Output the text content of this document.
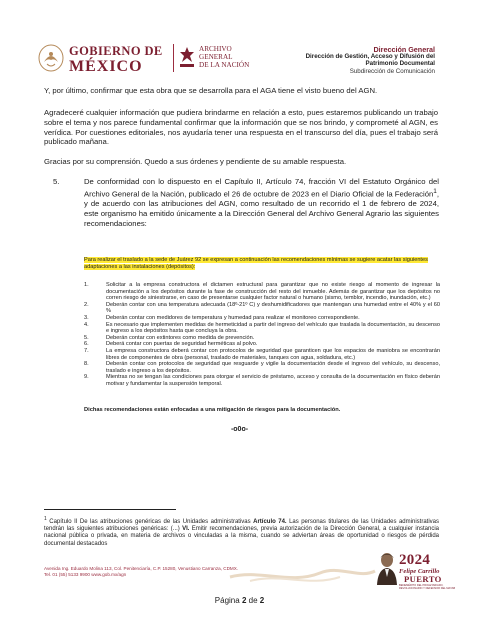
GOBIERNO DE
MÉXICO
ARCHIVO
GENERAL
DE LA NACIÓN
Dirección General
Dirección de Gestión, Acceso y Difusión del
Patrimonio Documental
Subdirección de Comunicación
Y, por último, confirmar que esta obra que se desarrolla para el AGA tiene el visto bueno del AGN.
Agradeceré cualquier información que pudiera brindarme en relación a esto, pues estaremos publicando un trabajo sobre el tema y nos parece fundamental confirmar que la información que se nos brindo, y comprometé al AGN, es verídica. Por cuestiones editoriales, nos ayudaría tener una respuesta en el transcurso del día, pues el trabajo será publicado mañana.
Gracias por su comprensión. Quedo a sus órdenes y pendiente de su amable respuesta.
5.	De conformidad con lo dispuesto en el Capítulo II, Artículo 74, fracción VI del Estatuto Orgánico del Archivo General de la Nación, publicado el 26 de octubre de 2023 en el Diario Oficial de la Federación$^1$, y de acuerdo con las atribuciones del AGN, como resultado de un recorrido el 1 de febrero de 2024, este organismo ha emitido únicamente a la Dirección General del Archivo General Agrario las siguientes recomendaciones:
Para realizar el traslado a la sede de Juárez 92 se expresan a continuación las recomendaciones mínimas se sugiere acatar las siguientes adaptaciones a las instalaciones (depósitos):
1.	Solicitar a la empresa constructora el dictamen estructural para garantizar que no existe riesgo al momento de ingresar la documentación a los depósitos durante la fase de construcción del resto del inmueble. Además de garantizar que los depósitos no corren riesgo de siniestrarse, en caso de presentarse cualquier factor natural o humano (sismo, temblor, incendio, inundación, etc.)
2.	Deberán contar con una temperatura adecuada (18º-21º C) y deshumidificadores que mantengan una humedad entre el 40% y el 60 %
3.	Deberán contar con medidores de temperatura y humedad para realizar el monitoreo correspondiente.
4.	Es necesario que implementen medidas de hermeticidad a partir del ingreso del vehículo que traslada la documentación, su descenso e ingreso a los depósitos hasta que concluya la obra.
5.	Deberán contar con extintores como medida de prevención.
6.	Deberá contar con puertas de seguridad herméticas al polvo.
7.	La empresa constructora deberá contar con protocolos de seguridad que garanticen que los espacios de maniobra se encontrarán libres de componentes de obra (personal, traslado de materiales, tanques con agua, soldadura, etc.)
8.	Deberán contar con protocolos de seguridad que resguarde y vigile la documentación desde el ingreso del vehículo, su descenso, traslado e ingreso a los depósitos.
9.	Mientras no se tengan las condiciones para otorgar el servicio de préstamo, acceso y consulta de la documentación en físico deberán motivar y fundamentar la suspensión temporal.
Dichas recomendaciones están enfocadas a una mitigación de riesgos para la documentación.
-o0o-
$^1$ Capítulo II De las atribuciones genéricas de las Unidades administrativas Artículo 74. Las personas titulares de las Unidades administrativas tendrán las siguientes atribuciones genéricas: (...) VI. Emitir recomendaciones, previa autorización de la Dirección General, a cualquier instancia nacional pública o privada, en materia de archivos o vinculadas a la misma, cuando se adviertan áreas de oportunidad o riesgos de pérdida documental destacados
Avenida Ing. Eduardo Molina 113, Col. Penitenciaría, C.P. 15280, Venustiano Carranza, CDMX.
Tel. 01 (55) 5133 9900 www.gob.mx/agn
2024
Felipe Carrillo
PUERTO
BENEMÉRITO DEL PROLETARIADO, REVOLUCIONARIO Y DEFENSOR DEL MAYAB
Página 2 de 2
